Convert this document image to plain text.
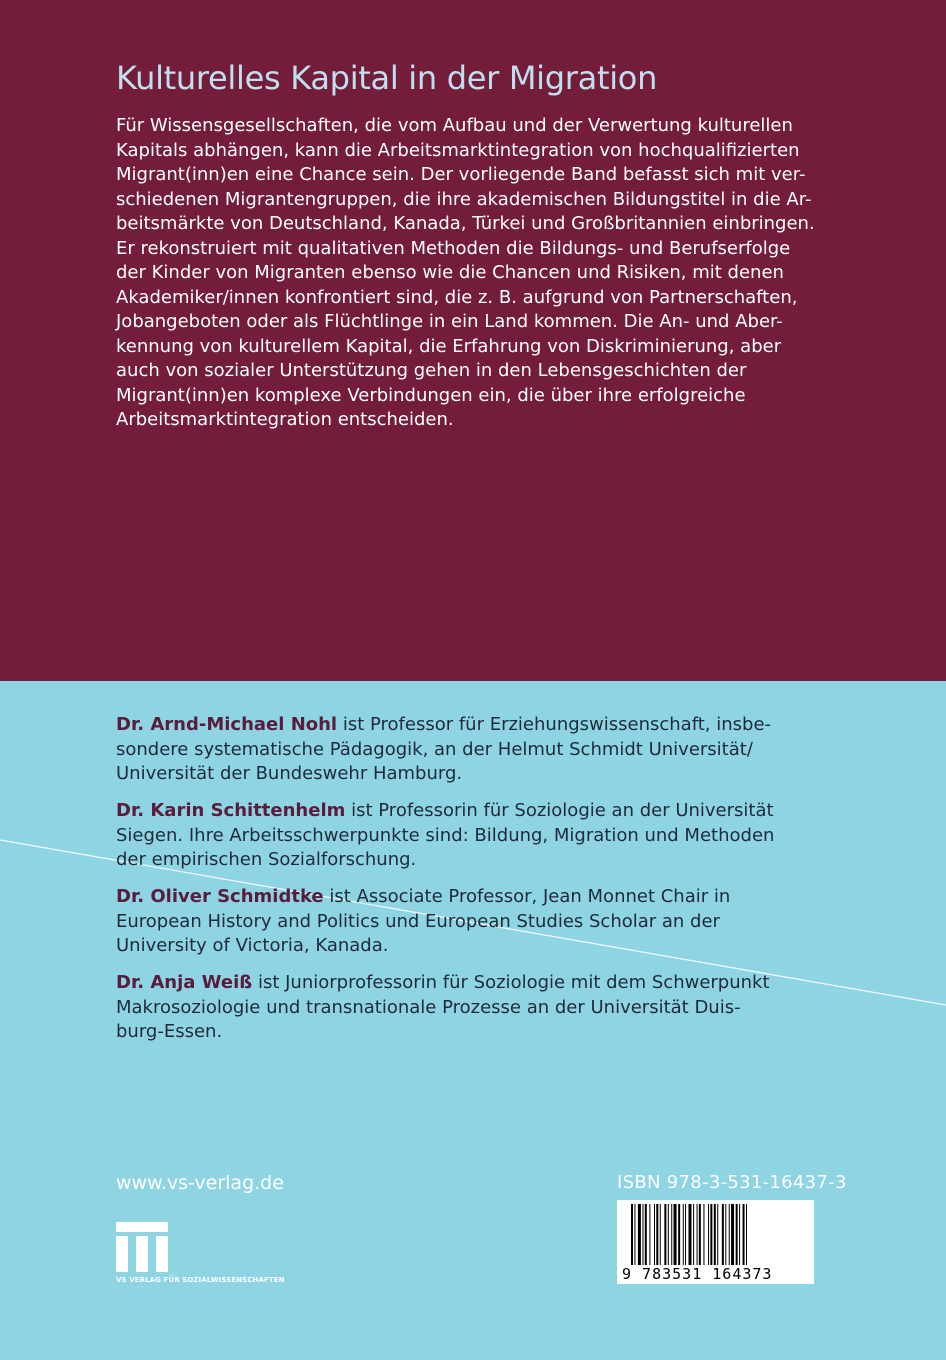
Kulturelles Kapital in der Migration

Für Wissensgesellschaften, die vom Aufbau und der Verwertung kulturellen
Kapitals abhängen, kann die Arbeitsmarktintegration von hochqualifizierten
Migrant(inn)en eine Chance sein. Der vorliegende Band befasst sich mit ver-
schiedenen Migrantengruppen, die ihre akademischen Bildungstitel in die Ar-
beitsmärkte von Deutschland, Kanada, Türkei und Großbritannien einbringen.
Er rekonstruiert mit qualitativen Methoden die Bildungs- und Berufserfolge
der Kinder von Migranten ebenso wie die Chancen und Risiken, mit denen
Akademiker/innen konfrontiert sind, die z. B. aufgrund von Partnerschaften,
Jobangeboten oder als Flüchtlinge in ein Land kommen. Die An- und Aber-
kennung von kulturellem Kapital, die Erfahrung von Diskriminierung, aber
auch von sozialer Unterstützung gehen in den Lebensgeschichten der
Migrant(inn)en komplexe Verbindungen ein, die über ihre erfolgreiche
Arbeitsmarktintegration entscheiden.

Dr. Arnd-Michael Nohl ist Professor für Erziehungswissenschaft, insbe-
sondere systematische Pädagogik, an der Helmut Schmidt Universität/
Universität der Bundeswehr Hamburg.

Dr. Karin Schittenhelm ist Professorin für Soziologie an der Universität
Siegen. Ihre Arbeitsschwerpunkte sind: Bildung, Migration und Methoden
der empirischen Sozialforschung.

Dr. Oliver Schmidtke ist Associate Professor, Jean Monnet Chair in
European History and Politics und European Studies Scholar an der
University of Victoria, Kanada.

Dr. Anja Weiß ist Juniorprofessorin für Soziologie mit dem Schwerpunkt
Makrosoziologie und transnationale Prozesse an der Universität Duis-
burg-Essen.

www.vs-verlag.de	ISBN 978-3-531-16437-3
9 783531 164373
VS VERLAG FÜR SOZIALWISSENSCHAFTEN
